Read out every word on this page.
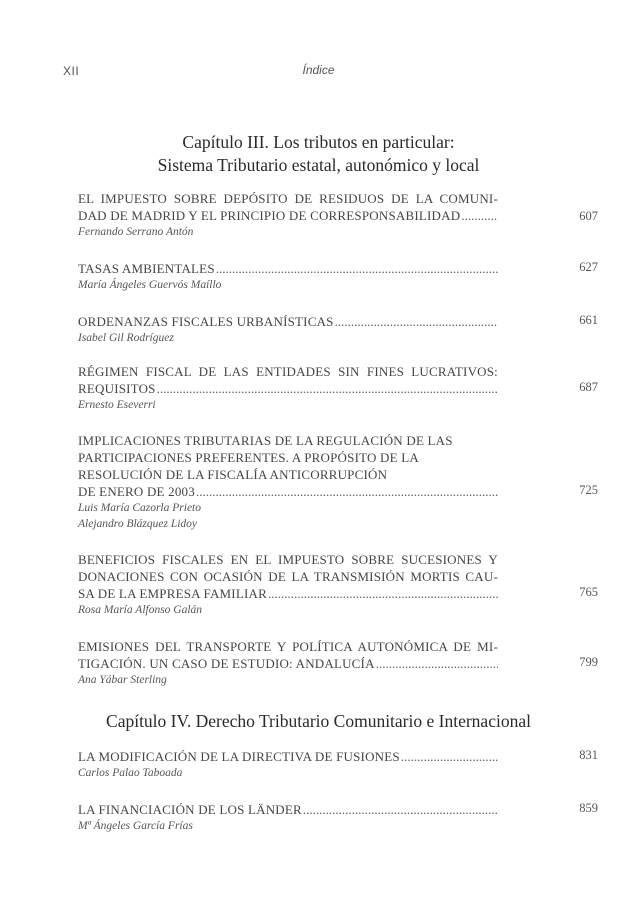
XII	Índice
Capítulo III. Los tributos en particular:
Sistema Tributario estatal, autonómico y local
EL IMPUESTO SOBRE DEPÓSITO DE RESIDUOS DE LA COMUNI-
DAD DE MADRID Y EL PRINCIPIO DE CORRESPONSABILIDAD
.....
Fernando Serrano Antón
607
TASAS AMBIENTALES
.....
María Ángeles Guervós Maíllo
627
ORDENANZAS FISCALES URBANÍSTICAS
.....
Isabel Gil Rodríguez
661
RÉGIMEN FISCAL DE LAS ENTIDADES SIN FINES LUCRATIVOS:
REQUISITOS
.....
Ernesto Eseverri
687
IMPLICACIONES TRIBUTARIAS DE LA REGULACIÓN DE LAS
PARTICIPACIONES PREFERENTES. A PROPÓSITO DE LA
RESOLUCIÓN DE LA FISCALÍA ANTICORRUPCIÓN
DE ENERO DE 2003
.....
Luis María Cazorla Prieto
Alejandro Blázquez Lidoy
725
BENEFICIOS FISCALES EN EL IMPUESTO SOBRE SUCESIONES Y
DONACIONES CON OCASIÓN DE LA TRANSMISIÓN MORTIS CAU-
SA DE LA EMPRESA FAMILIAR
.....
Rosa María Alfonso Galán
765
EMISIONES DEL TRANSPORTE Y POLÍTICA AUTONÓMICA DE MI-
TIGACIÓN. UN CASO DE ESTUDIO: ANDALUCÍA
.....
Ana Yábar Sterling
799
Capítulo IV. Derecho Tributario Comunitario e Internacional
LA MODIFICACIÓN DE LA DIRECTIVA DE FUSIONES
.....
Carlos Palao Taboada
831
LA FINANCIACIÓN DE LOS LÄNDER
.....
Mª Ángeles García Frías
859
